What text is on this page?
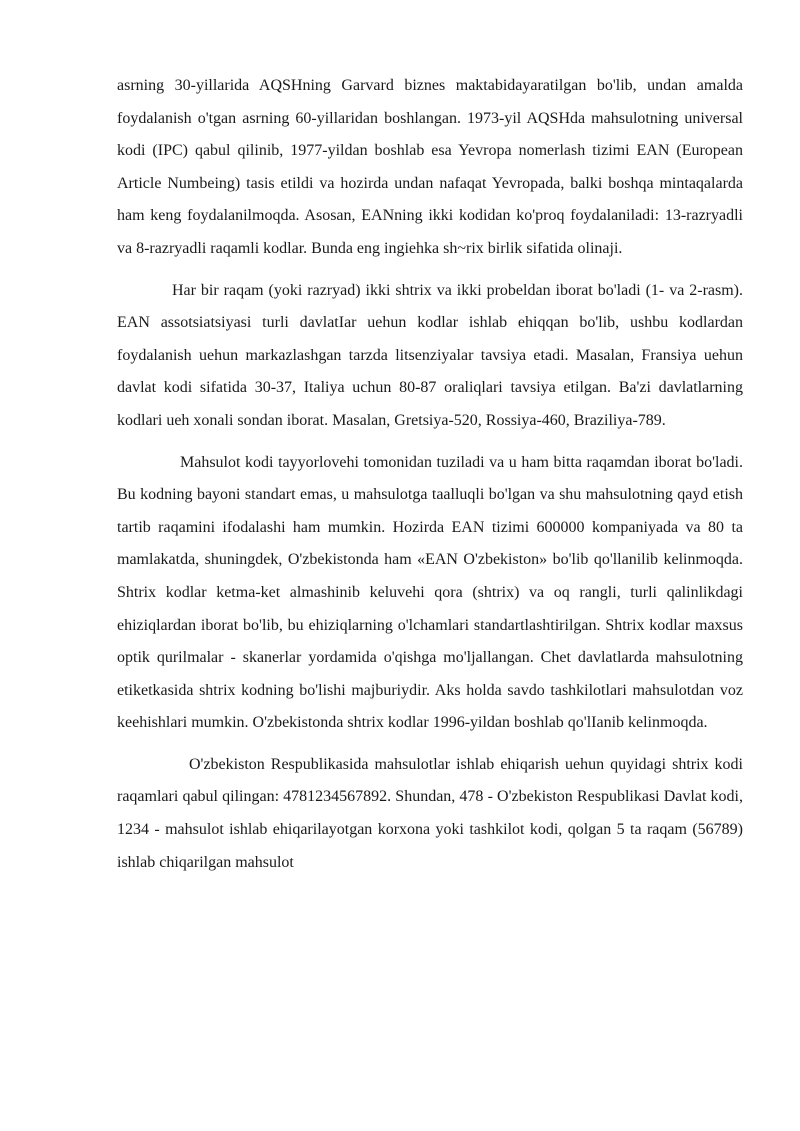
asrning 30-yillarida AQSHning Garvard biznes maktabidayaratilgan bo'lib, undan amalda foydalanish o'tgan asrning 60-yillaridan boshlangan. 1973-yil AQSHda mahsulotning universal kodi (IPC) qabul qilinib, 1977-yildan boshlab esa Yevropa nomerlash tizimi EAN (European Article Numbeing) tasis etildi va hozirda undan nafaqat Yevropada, balki boshqa mintaqalarda ham keng foydalanilmoqda. Asosan, EANning ikki kodidan ko'proq foydalaniladi: 13-razryadli va 8-razryadli raqamli kodlar. Bunda eng ingiehka sh~rix birlik sifatida olinaji.

Har bir raqam (yoki razryad) ikki shtrix va ikki probeldan iborat bo'ladi (1- va 2-rasm). EAN assotsiatsiyasi turli davlatIar uehun kodlar ishlab ehiqqan bo'lib, ushbu kodlardan foydalanish uehun markazlashgan tarzda litsenziyalar tavsiya etadi. Masalan, Fransiya uehun davlat kodi sifatida 30-37, Italiya uchun 80-87 oraliqlari tavsiya etilgan. Ba'zi davlatlarning kodlari ueh xonali sondan iborat. Masalan, Gretsiya-520, Rossiya-460, Braziliya-789.

Mahsulot kodi tayyorlovehi tomonidan tuziladi va u ham bitta raqamdan iborat bo'ladi. Bu kodning bayoni standart emas, u mahsulotga taalluqli bo'lgan va shu mahsulotning qayd etish tartib raqamini ifodalashi ham mumkin. Hozirda EAN tizimi 600000 kompaniyada va 80 ta mamlakatda, shuningdek, O'zbekistonda ham «EAN O'zbekiston» bo'lib qo'llanilib kelinmoqda. Shtrix kodlar ketma-ket almashinib keluvehi qora (shtrix) va oq rangli, turli qalinlikdagi ehiziqlardan iborat bo'lib, bu ehiziqlarning o'lchamlari standartlashtirilgan. Shtrix kodlar maxsus optik qurilmalar - skanerlar yordamida o'qishga mo'ljallangan. Chet davlatlarda mahsulotning etiketkasida shtrix kodning bo'lishi majburiydir. Aks holda savdo tashkilotlari mahsulotdan voz keehishlari mumkin. O'zbekistonda shtrix kodlar 1996-yildan boshlab qo'lIanib kelinmoqda.

O'zbekiston Respublikasida mahsulotlar ishlab ehiqarish uehun quyidagi shtrix kodi raqamlari qabul qilingan: 4781234567892. Shundan, 478 - O'zbekiston Respublikasi Davlat kodi, 1234 - mahsulot ishlab ehiqarilayotgan korxona yoki tashkilot kodi, qolgan 5 ta raqam (56789) ishlab chiqarilgan mahsulot
